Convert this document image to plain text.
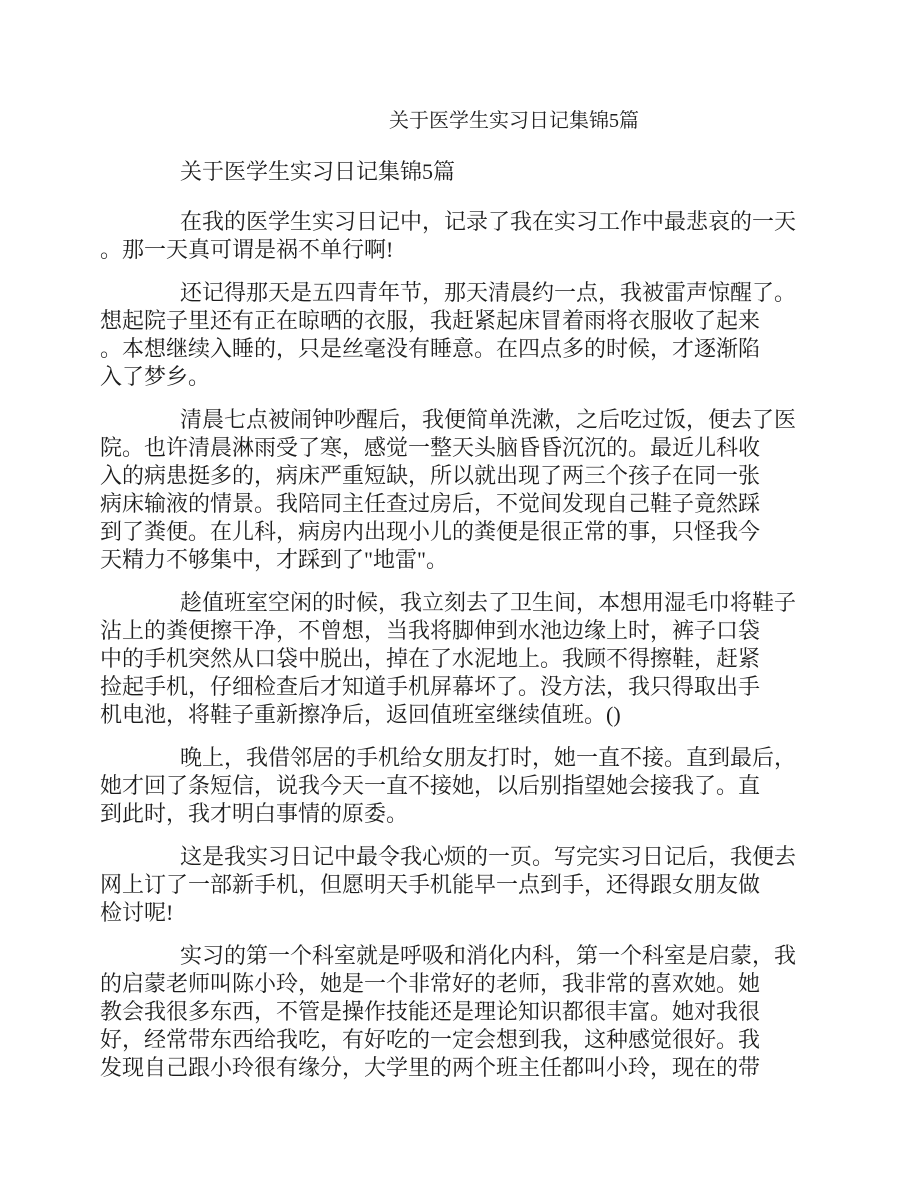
关于医学生实习日记集锦5篇
关于医学生实习日记集锦5篇
在我的医学生实习日记中，记录了我在实习工作中最悲哀的一天
。那一天真可谓是祸不单行啊!
还记得那天是五四青年节，那天清晨约一点，我被雷声惊醒了。
想起院子里还有正在晾晒的衣服，我赶紧起床冒着雨将衣服收了起来
。本想继续入睡的，只是丝毫没有睡意。在四点多的时候，才逐渐陷
入了梦乡。
清晨七点被闹钟吵醒后，我便简单洗漱，之后吃过饭，便去了医
院。也许清晨淋雨受了寒，感觉一整天头脑昏昏沉沉的。最近儿科收
入的病患挺多的，病床严重短缺，所以就出现了两三个孩子在同一张
病床输液的情景。我陪同主任查过房后，不觉间发现自己鞋子竟然踩
到了粪便。在儿科，病房内出现小儿的粪便是很正常的事，只怪我今
天精力不够集中，才踩到了"地雷"。
趁值班室空闲的时候，我立刻去了卫生间，本想用湿毛巾将鞋子
沾上的粪便擦干净，不曾想，当我将脚伸到水池边缘上时，裤子口袋
中的手机突然从口袋中脱出，掉在了水泥地上。我顾不得擦鞋，赶紧
捡起手机，仔细检查后才知道手机屏幕坏了。没方法，我只得取出手
机电池，将鞋子重新擦净后，返回值班室继续值班。()
晚上，我借邻居的手机给女朋友打时，她一直不接。直到最后，
她才回了条短信，说我今天一直不接她，以后别指望她会接我了。直
到此时，我才明白事情的原委。
这是我实习日记中最令我心烦的一页。写完实习日记后，我便去
网上订了一部新手机，但愿明天手机能早一点到手，还得跟女朋友做
检讨呢!
实习的第一个科室就是呼吸和消化内科，第一个科室是启蒙，我
的启蒙老师叫陈小玲，她是一个非常好的老师，我非常的喜欢她。她
教会我很多东西，不管是操作技能还是理论知识都很丰富。她对我很
好，经常带东西给我吃，有好吃的一定会想到我，这种感觉很好。我
发现自己跟小玲很有缘分，大学里的两个班主任都叫小玲，现在的带
